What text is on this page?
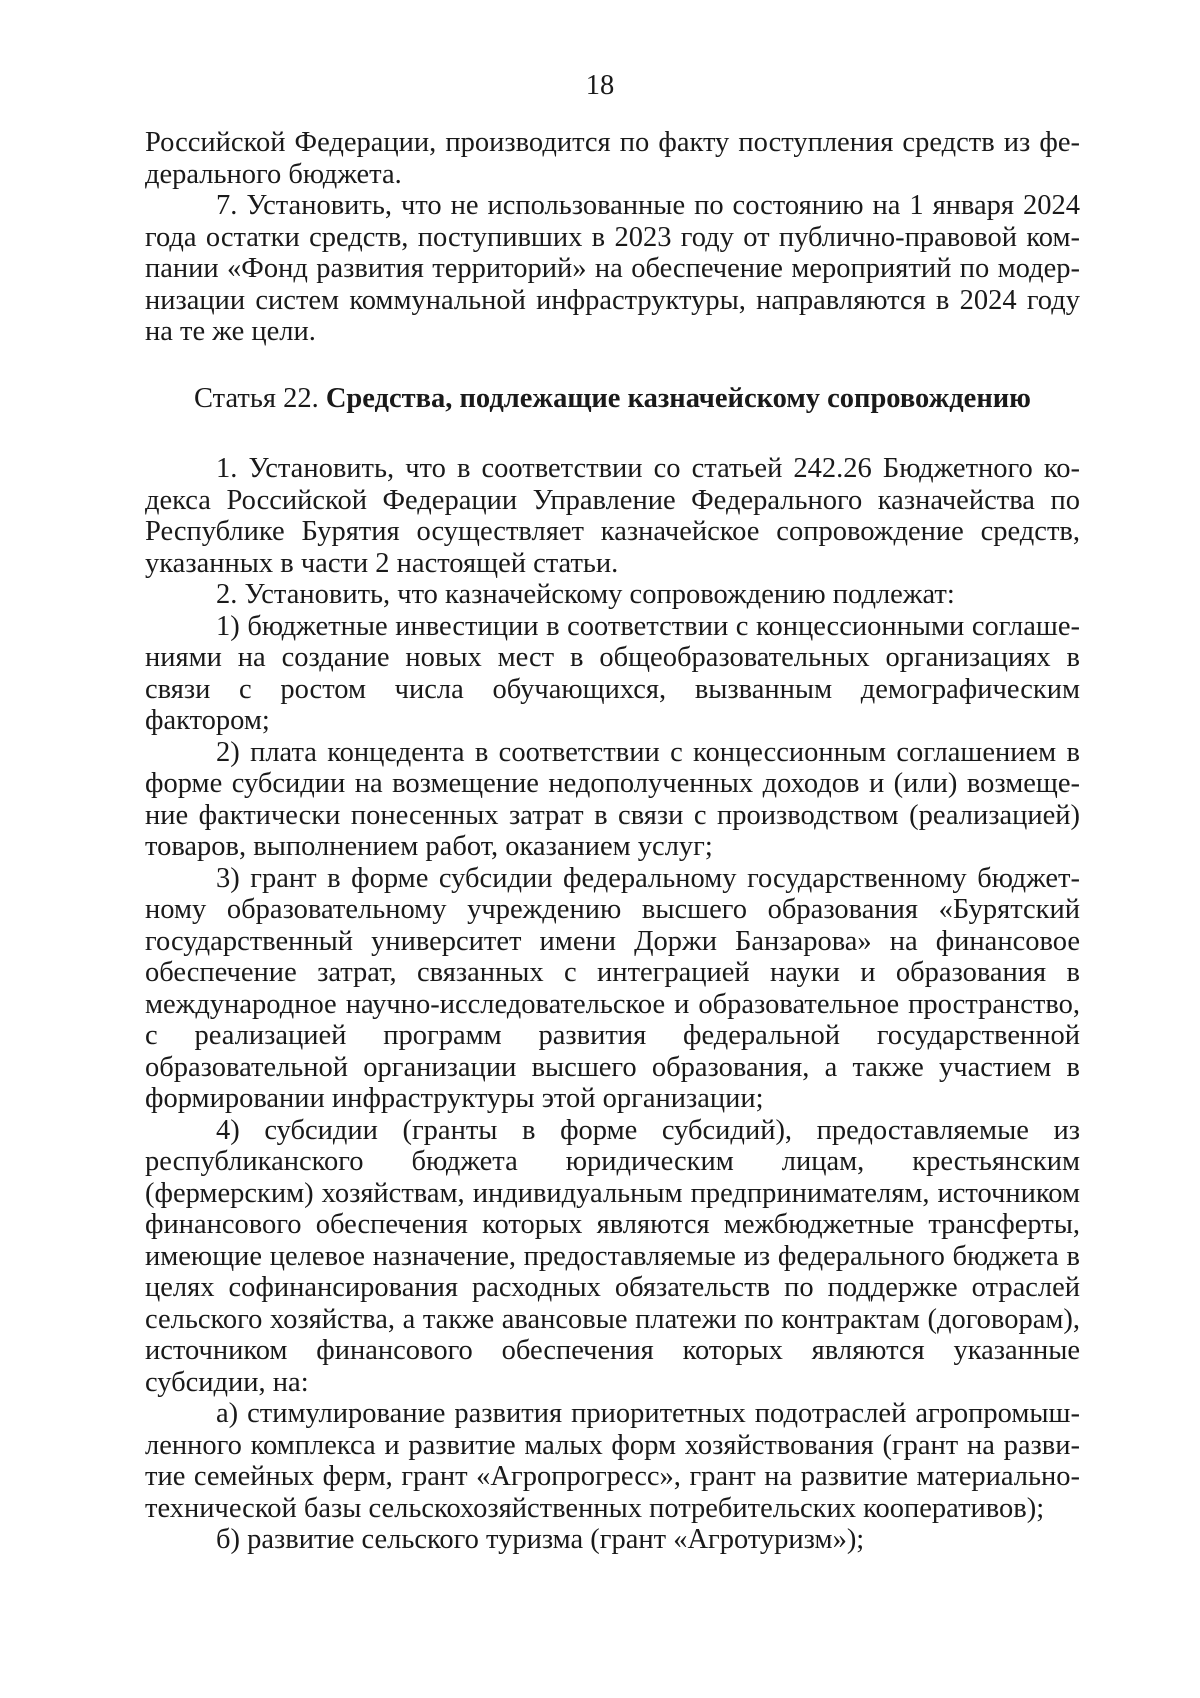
18

Российской Федерации, производится по факту поступления средств из федерального бюджета.

7. Установить, что не использованные по состоянию на 1 января 2024 года остатки средств, поступивших в 2023 году от публично-правовой компании «Фонд развития территорий» на обеспечение мероприятий по модернизации систем коммунальной инфраструктуры, направляются в 2024 году на те же цели.

Статья 22. Средства, подлежащие казначейскому сопровождению

1. Установить, что в соответствии со статьей 242.26 Бюджетного кодекса Российской Федерации Управление Федерального казначейства по Республике Бурятия осуществляет казначейское сопровождение средств, указанных в части 2 настоящей статьи.

2. Установить, что казначейскому сопровождению подлежат:

1) бюджетные инвестиции в соответствии с концессионными соглашениями на создание новых мест в общеобразовательных организациях в связи с ростом числа обучающихся, вызванным демографическим фактором;

2) плата концедента в соответствии с концессионным соглашением в форме субсидии на возмещение недополученных доходов и (или) возмещение фактически понесенных затрат в связи с производством (реализацией) товаров, выполнением работ, оказанием услуг;

3) грант в форме субсидии федеральному государственному бюджетному образовательному учреждению высшего образования «Бурятский государственный университет имени Доржи Банзарова» на финансовое обеспечение затрат, связанных с интеграцией науки и образования в международное научно-исследовательское и образовательное пространство, с реализацией программ развития федеральной государственной образовательной организации высшего образования, а также участием в формировании инфраструктуры этой организации;

4) субсидии (гранты в форме субсидий), предоставляемые из республиканского бюджета юридическим лицам, крестьянским (фермерским) хозяйствам, индивидуальным предпринимателям, источником финансового обеспечения которых являются межбюджетные трансферты, имеющие целевое назначение, предоставляемые из федерального бюджета в целях софинансирования расходных обязательств по поддержке отраслей сельского хозяйства, а также авансовые платежи по контрактам (договорам), источником финансового обеспечения которых являются указанные субсидии, на:

а) стимулирование развития приоритетных подотраслей агропромышленного комплекса и развитие малых форм хозяйствования (грант на развитие семейных ферм, грант «Агропрогресс», грант на развитие материально-технической базы сельскохозяйственных потребительских кооперативов);

б) развитие сельского туризма (грант «Агротуризм»);
